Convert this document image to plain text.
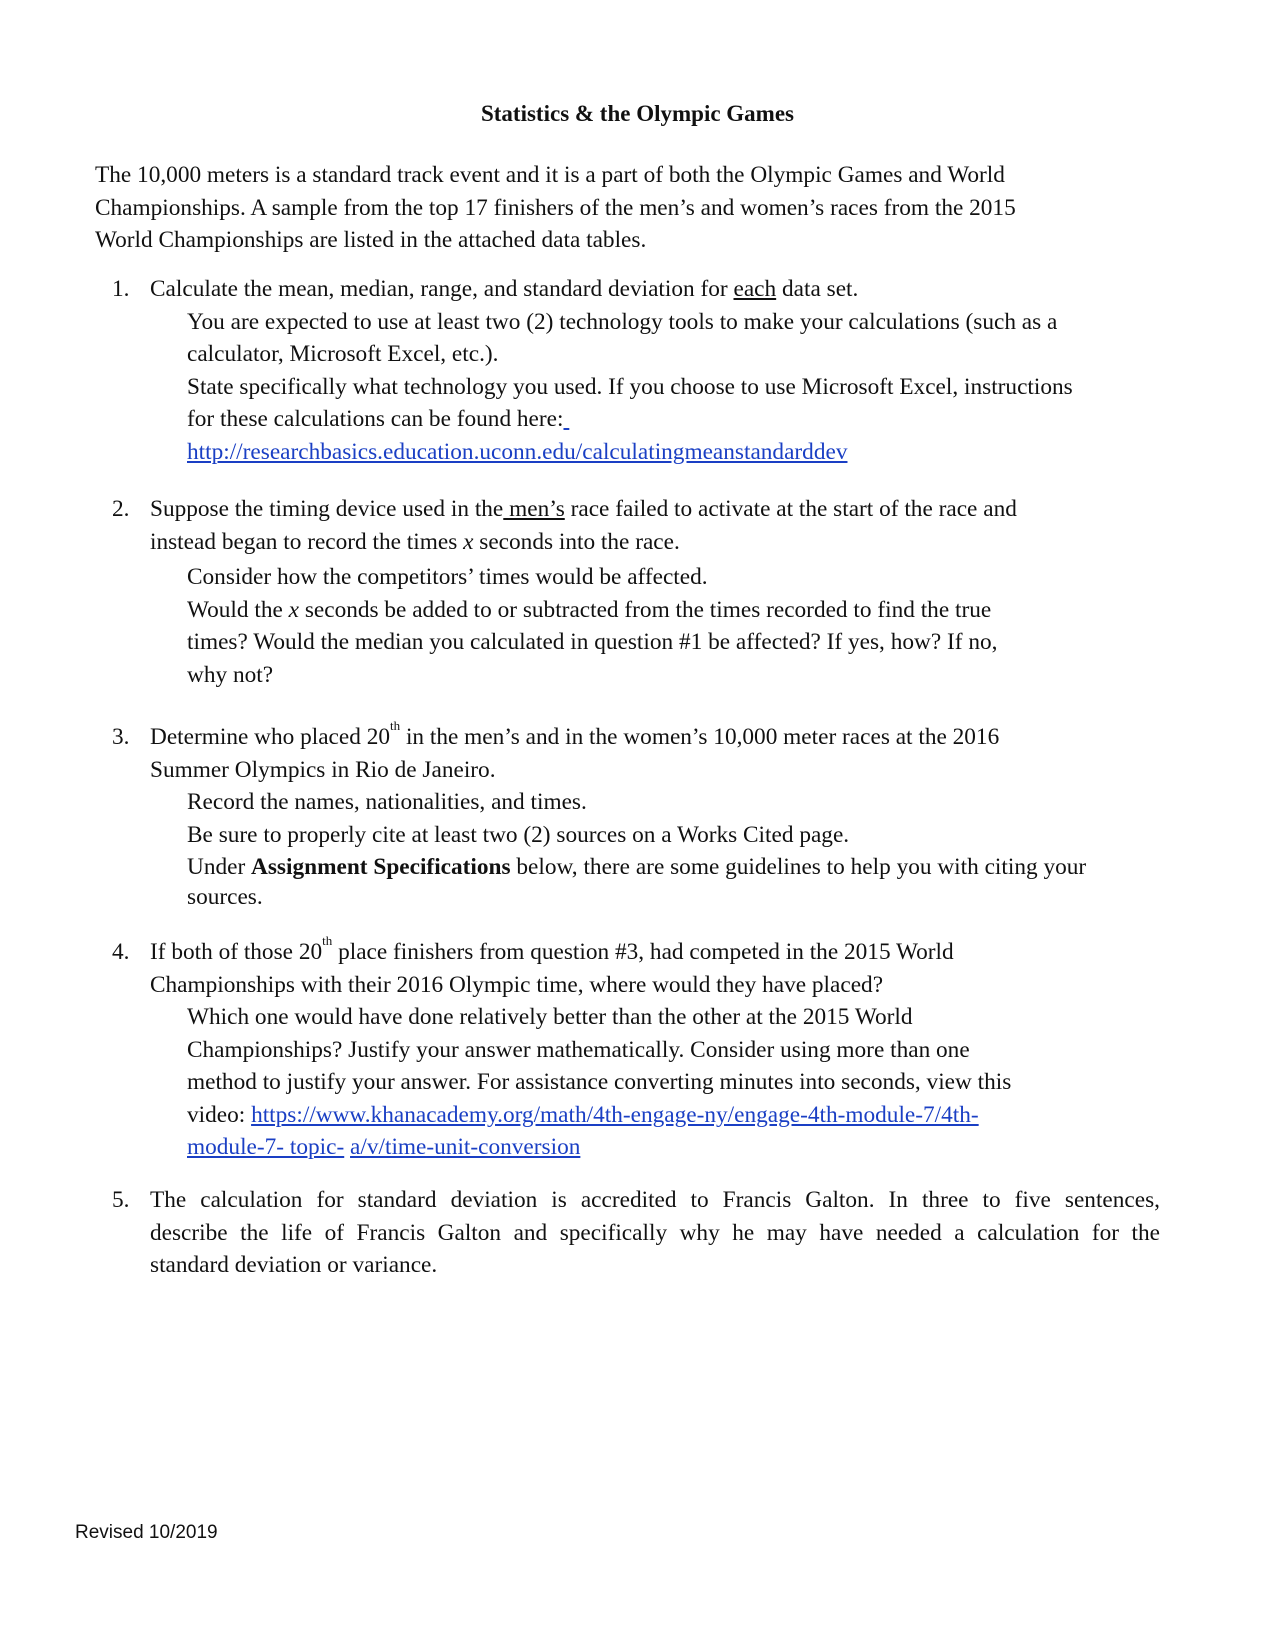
Statistics & the Olympic Games
The 10,000 meters is a standard track event and it is a part of both the Olympic Games and World
Championships. A sample from the top 17 finishers of the men’s and women’s races from the 2015
World Championships are listed in the attached data tables.
1. Calculate the mean, median, range, and standard deviation for each data set.
You are expected to use at least two (2) technology tools to make your calculations (such as a
calculator, Microsoft Excel, etc.).
State specifically what technology you used. If you choose to use Microsoft Excel, instructions
for these calculations can be found here:
http://researchbasics.education.uconn.edu/calculatingmeanstandarddev
2. Suppose the timing device used in the men’s race failed to activate at the start of the race and
instead began to record the times x seconds into the race.
Consider how the competitors’ times would be affected.
Would the x seconds be added to or subtracted from the times recorded to find the true
times? Would the median you calculated in question #1 be affected? If yes, how? If no,
why not?
3. Determine who placed 20th in the men’s and in the women’s 10,000 meter races at the 2016
Summer Olympics in Rio de Janeiro.
Record the names, nationalities, and times.
Be sure to properly cite at least two (2) sources on a Works Cited page.
Under Assignment Specifications below, there are some guidelines to help you with citing your
sources.
4. If both of those 20th place finishers from question #3, had competed in the 2015 World
Championships with their 2016 Olympic time, where would they have placed?
Which one would have done relatively better than the other at the 2015 World
Championships? Justify your answer mathematically. Consider using more than one
method to justify your answer. For assistance converting minutes into seconds, view this
video: https://www.khanacademy.org/math/4th-engage-ny/engage-4th-module-7/4th-
module-7- topic- a/v/time-unit-conversion
5. The calculation for standard deviation is accredited to Francis Galton. In three to five sentences,
describe the life of Francis Galton and specifically why he may have needed a calculation for the
standard deviation or variance.
Revised 10/2019
